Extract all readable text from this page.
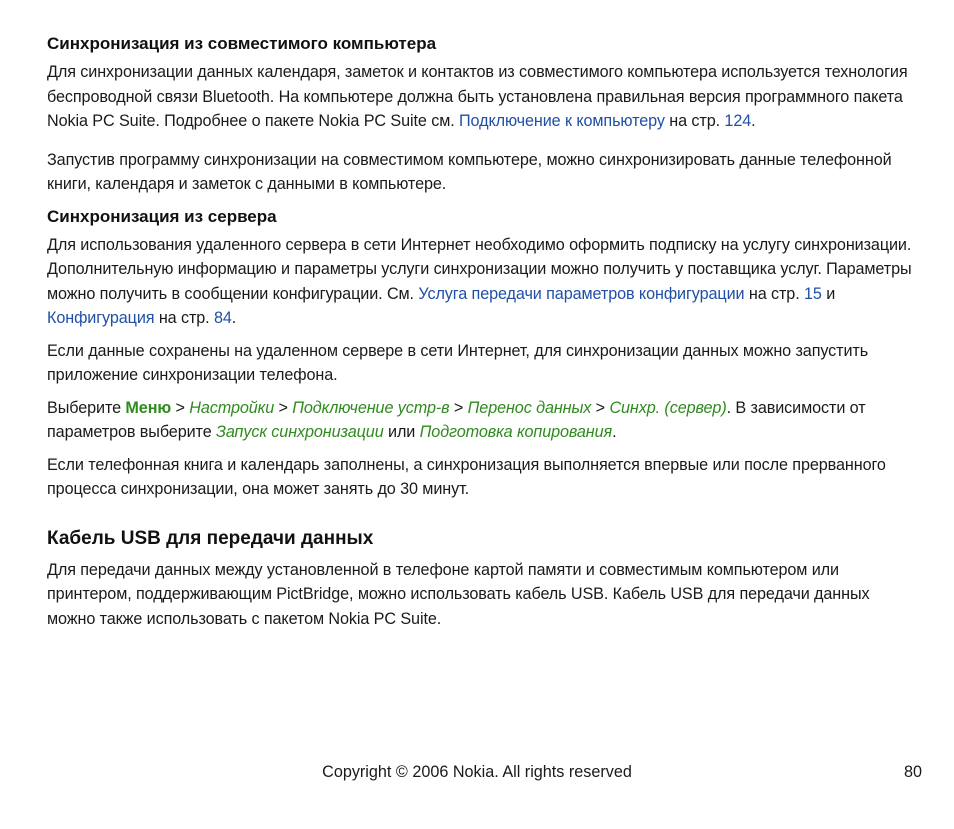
Синхронизация из совместимого компьютера

Для синхронизации данных календаря, заметок и контактов из совместимого компьютера используется технология беспроводной связи Bluetooth. На компьютере должна быть установлена правильная версия программного пакета Nokia PC Suite. Подробнее о пакете Nokia PC Suite см. Подключение к компьютеру на стр. 124.

Запустив программу синхронизации на совместимом компьютере, можно синхронизировать данные телефонной книги, календаря и заметок с данными в компьютере.

Синхронизация из сервера

Для использования удаленного сервера в сети Интернет необходимо оформить подписку на услугу синхронизации. Дополнительную информацию и параметры услуги синхронизации можно получить у поставщика услуг. Параметры можно получить в сообщении конфигурации. См. Услуга передачи параметров конфигурации на стр. 15 и Конфигурация на стр. 84.

Если данные сохранены на удаленном сервере в сети Интернет, для синхронизации данных можно запустить приложение синхронизации телефона.

Выберите Меню > Настройки > Подключение устр-в > Перенос данных > Синхр. (сервер). В зависимости от параметров выберите Запуск синхронизации или Подготовка копирования.

Если телефонная книга и календарь заполнены, а синхронизация выполняется впервые или после прерванного процесса синхронизации, она может занять до 30 минут.

Кабель USB для передачи данных

Для передачи данных между установленной в телефоне картой памяти и совместимым компьютером или принтером, поддерживающим PictBridge, можно использовать кабель USB. Кабель USB для передачи данных можно также использовать с пакетом Nokia PC Suite.

Copyright © 2006 Nokia. All rights reserved	80
